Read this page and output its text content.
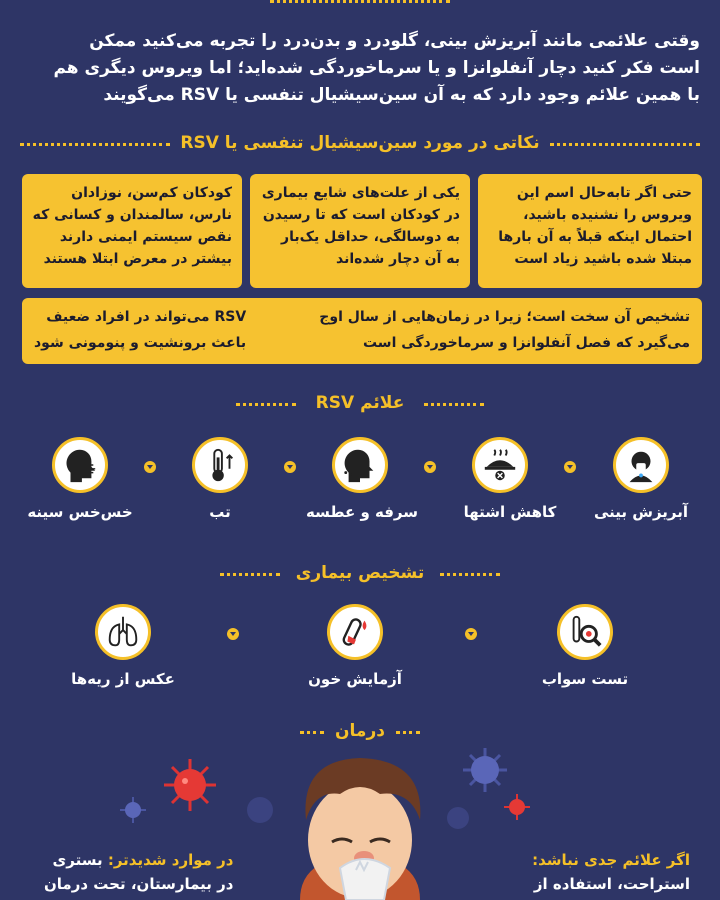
وقتی علائمی مانند آبریزش بینی، گلودرد و بدن‌درد را تجربه می‌کنید ممکن
است فکر کنید دچار آنفلوانزا و یا سرماخوردگی شده‌اید؛ اما ویروس دیگری هم
با همین علائم وجود دارد که به آن سین‌سیشیال تنفسی یا RSV می‌گویند
نکاتی در مورد سین‌سیشیال تنفسی یا RSV
حتی اگر تابه‌حال اسم این
ویروس را نشنیده باشید،
احتمال اینکه قبلاً به آن بارها
مبتلا شده باشید زیاد است
یکی از علت‌های شایع بیماری
در کودکان است که تا رسیدن
به دوسالگی، حداقل یک‌بار
به آن دچار شده‌اند
کودکان کم‌سن، نوزادان
نارس، سالمندان و کسانی که
نقص سیستم ایمنی دارند
بیشتر در معرض ابتلا هستند
تشخیص آن سخت است؛ زیرا در زمان‌هایی از سال اوج
می‌گیرد که فصل آنفلوانزا و سرماخوردگی است
RSV می‌تواند در افراد ضعیف
باعث برونشیت و پنومونی شود
علائم RSV
آبریزش بینی
کاهش اشتها
سرفه و عطسه
تب
خس‌خس سینه
تشخیص بیماری
تست سواب
آزمایش خون
عکس از ریه‌ها
درمان
اگر علائم جدی نباشد:
استراحت، استفاده از
در موارد شدیدتر: بستری
در بیمارستان، تحت درمان
